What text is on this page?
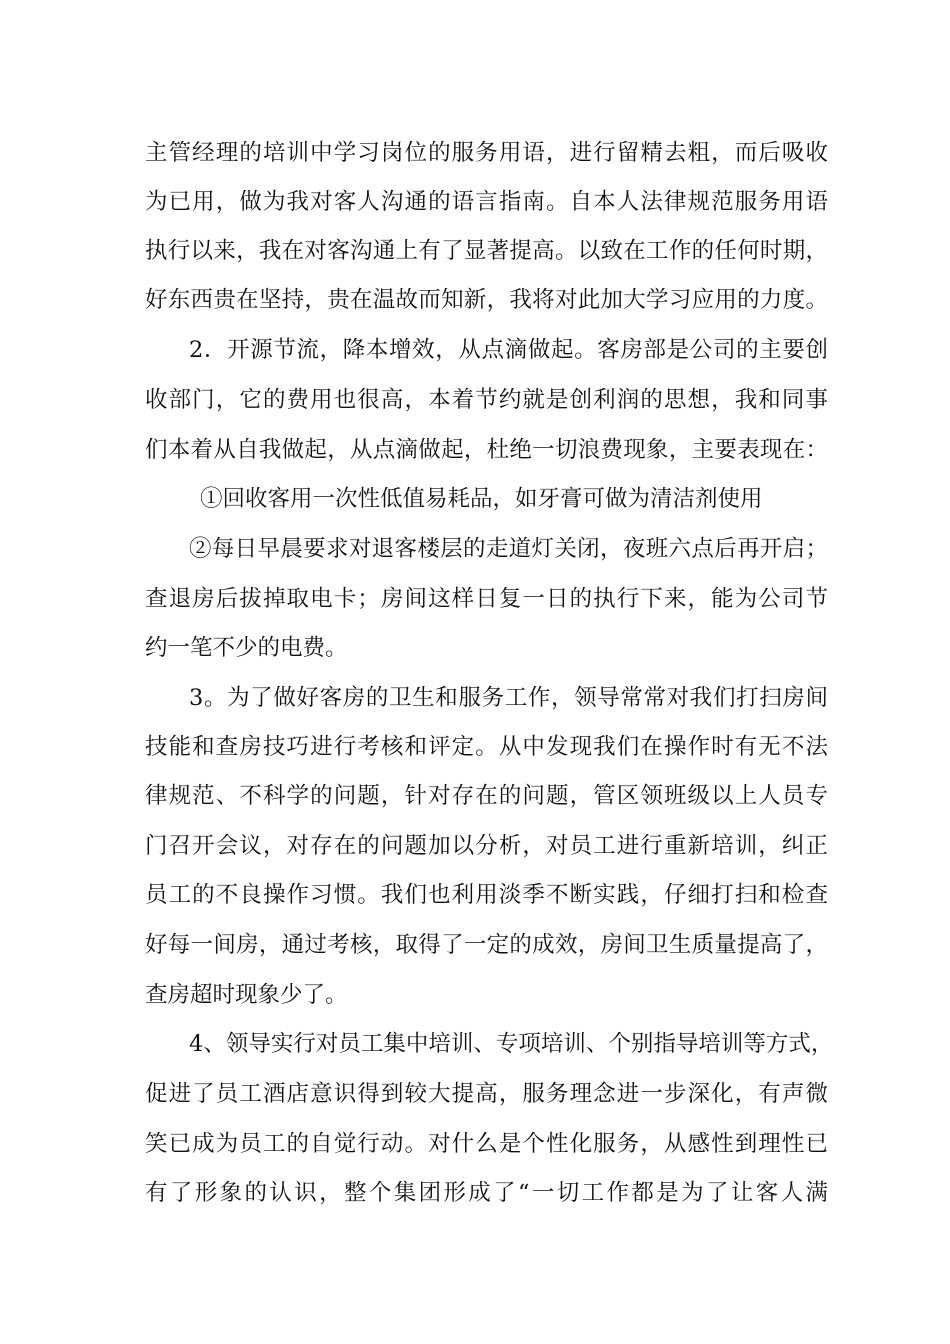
主管经理的培训中学习岗位的服务用语，进行留精去粗，而后吸收
为已用，做为我对客人沟通的语言指南。自本人法律规范服务用语
执行以来，我在对客沟通上有了显著提高。以致在工作的任何时期，
好东西贵在坚持，贵在温故而知新，我将对此加大学习应用的力度。
2．开源节流，降本增效，从点滴做起。客房部是公司的主要创
收部门，它的费用也很高，本着节约就是创利润的思想，我和同事
们本着从自我做起，从点滴做起，杜绝一切浪费现象，主要表现在：
①回收客用一次性低值易耗品，如牙膏可做为清洁剂使用
②每日早晨要求对退客楼层的走道灯关闭，夜班六点后再开启；
查退房后拔掉取电卡；房间这样日复一日的执行下来，能为公司节
约一笔不少的电费。
3。为了做好客房的卫生和服务工作，领导常常对我们打扫房间
技能和查房技巧进行考核和评定。从中发现我们在操作时有无不法
律规范、不科学的问题，针对存在的问题，管区领班级以上人员专
门召开会议，对存在的问题加以分析，对员工进行重新培训，纠正
员工的不良操作习惯。我们也利用淡季不断实践，仔细打扫和检查
好每一间房，通过考核，取得了一定的成效，房间卫生质量提高了，
查房超时现象少了。
4、领导实行对员工集中培训、专项培训、个别指导培训等方式，
促进了员工酒店意识得到较大提高，服务理念进一步深化，有声微
笑已成为员工的自觉行动。对什么是个性化服务，从感性到理性已
有了形象的认识，整个集团形成了“一切工作都是为了让客人满
